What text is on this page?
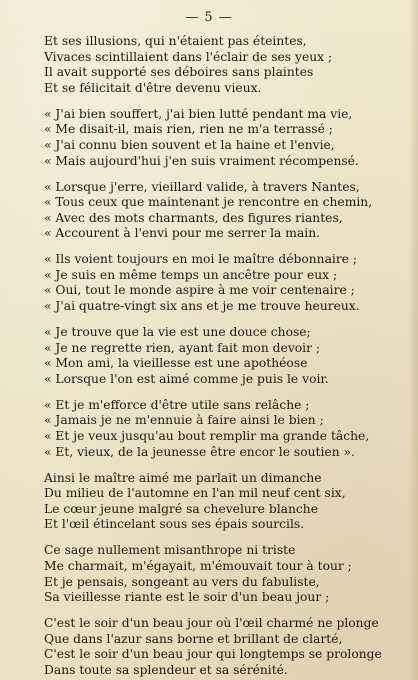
— 5 —
Et ses illusions, qui n'étaient pas éteintes,
Vivaces scintillaient dans l'éclair de ses yeux ;
Il avait supporté ses déboires sans plaintes
Et se félicitait d'être devenu vieux.
« J'ai bien souffert, j'ai bien lutté pendant ma vie,
« Me disait-il, mais rien, rien ne m'a terrassé ;
« J'ai connu bien souvent et la haine et l'envie,
« Mais aujourd'hui j'en suis vraiment récompensé.
« Lorsque j'erre, vieillard valide, à travers Nantes,
« Tous ceux que maintenant je rencontre en chemin,
« Avec des mots charmants, des figures riantes,
« Accourent à l'envi pour me serrer la main.
« Ils voient toujours en moi le maître débonnaire ;
« Je suis en même temps un ancêtre pour eux ;
« Oui, tout le monde aspire à me voir centenaire ;
« J'ai quatre-vingt six ans et je me trouve heureux.
« Je trouve que la vie est une douce chose;
« Je ne regrette rien, ayant fait mon devoir ;
« Mon ami, la vieillesse est une apothéose
« Lorsque l'on est aimé comme je puis le voir.
« Et je m'efforce d'être utile sans relâche ;
« Jamais je ne m'ennuie à faire ainsi le bien ;
« Et je veux jusqu'au bout remplir ma grande tâche,
« Et, vieux, de la jeunesse être encor le soutien ».
Ainsi le maître aimé me parlait un dimanche
Du milieu de l'automne en l'an mil neuf cent six,
Le cœur jeune malgré sa chevelure blanche
Et l'œil étincelant sous ses épais sourcils.
Ce sage nullement misanthrope ni triste
Me charmait, m'égayait, m'émouvait tour à tour ;
Et je pensais, songeant au vers du fabuliste,
Sa vieillesse riante est le soir d'un beau jour ;
C'est le soir d'un beau jour où l'œil charmé ne plonge
Que dans l'azur sans borne et brillant de clarté,
C'est le soir d'un beau jour qui longtemps se prolonge
Dans toute sa splendeur et sa sérénité.
